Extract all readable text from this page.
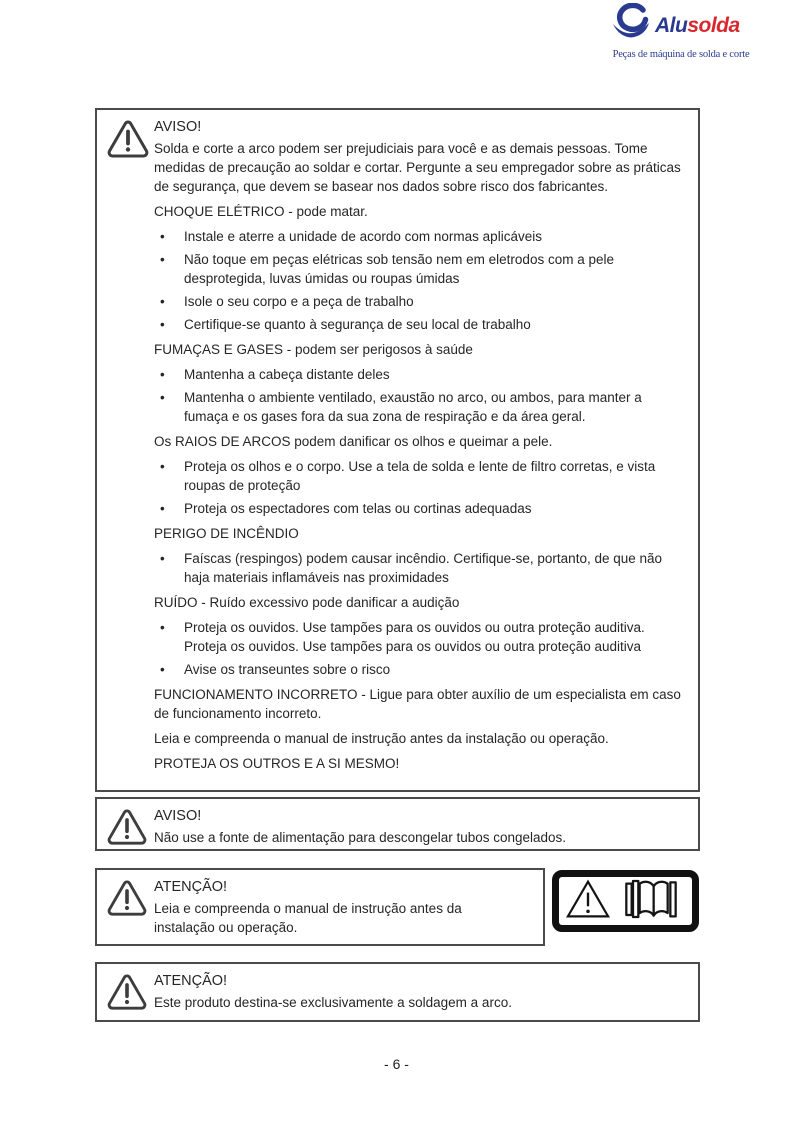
Alusolda
Peças de máquina de solda e corte
AVISO!

Solda e corte a arco podem ser prejudiciais para você e as demais pessoas. Tome medidas de precaução ao soldar e cortar. Pergunte a seu empregador sobre as práticas de segurança, que devem se basear nos dados sobre risco dos fabricantes.

CHOQUE ELÉTRICO - pode matar.

• Instale e aterre a unidade de acordo com normas aplicáveis
• Não toque em peças elétricas sob tensão nem em eletrodos com a pele desprotegida, luvas úmidas ou roupas úmidas
• Isole o seu corpo e a peça de trabalho
• Certifique-se quanto à segurança de seu local de trabalho

FUMAÇAS E GASES - podem ser perigosos à saúde

• Mantenha a cabeça distante deles
• Mantenha o ambiente ventilado, exaustão no arco, ou ambos, para manter a fumaça e os gases fora da sua zona de respiração e da área geral.

Os RAIOS DE ARCOS podem danificar os olhos e queimar a pele.

• Proteja os olhos e o corpo. Use a tela de solda e lente de filtro corretas, e vista roupas de proteção
• Proteja os espectadores com telas ou cortinas adequadas

PERIGO DE INCÊNDIO

• Faíscas (respingos) podem causar incêndio. Certifique-se, portanto, de que não haja materiais inflamáveis nas proximidades

RUÍDO - Ruído excessivo pode danificar a audição

• Proteja os ouvidos. Use tampões para os ouvidos ou outra proteção auditiva. Proteja os ouvidos. Use tampões para os ouvidos ou outra proteção auditiva
• Avise os transeuntes sobre o risco

FUNCIONAMENTO INCORRETO - Ligue para obter auxílio de um especialista em caso de funcionamento incorreto.

Leia e compreenda o manual de instrução antes da instalação ou operação.

PROTEJA OS OUTROS E A SI MESMO!

AVISO!
Não use a fonte de alimentação para descongelar tubos congelados.
ATENÇÃO!
Leia e compreenda o manual de instrução antes da instalação ou operação.
ATENÇÃO!
Este produto destina-se exclusivamente a soldagem a arco.
- 6 -
